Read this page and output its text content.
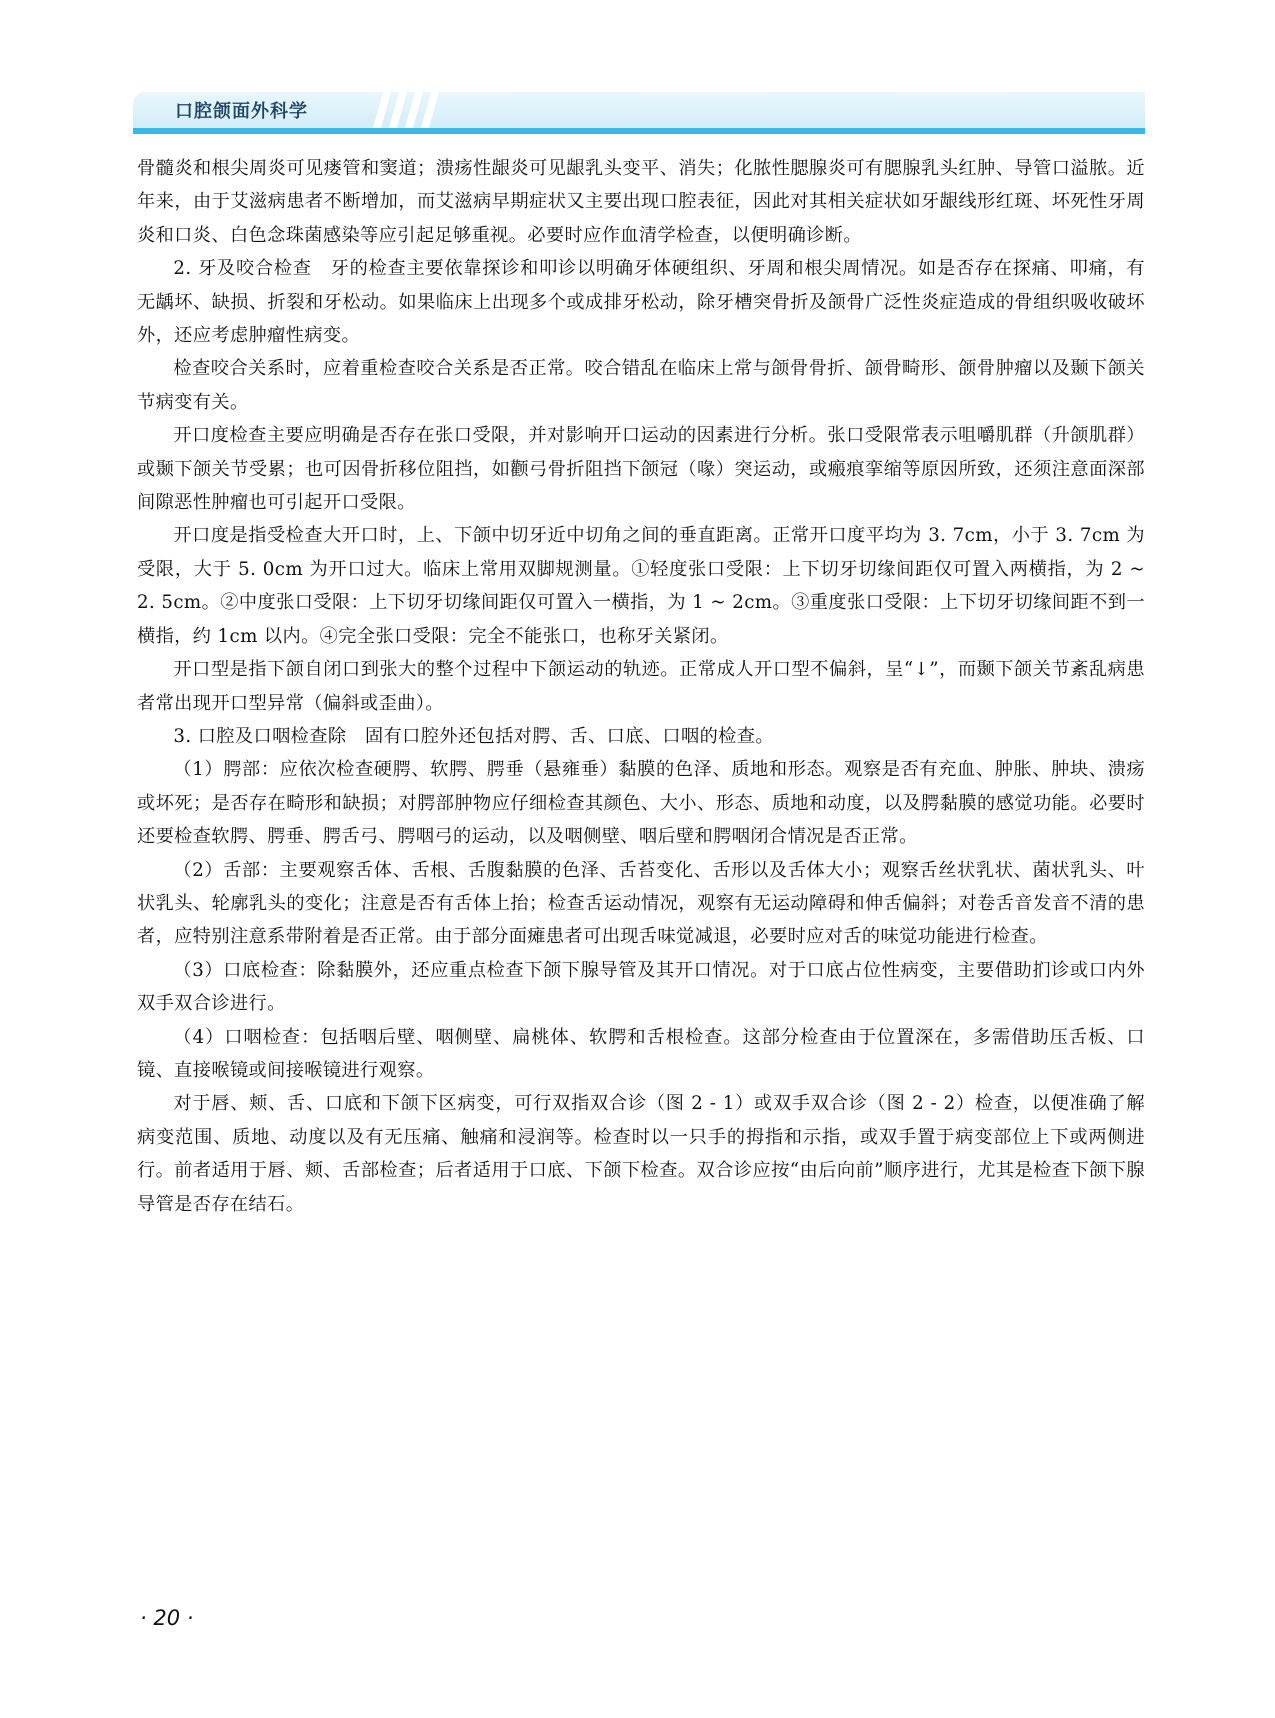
口腔颌面外科学

骨髓炎和根尖周炎可见瘘管和窦道；溃疡性龈炎可见龈乳头变平、消失；化脓性腮腺炎可有腮腺乳头红肿、导管口溢脓。近年来，由于艾滋病患者不断增加，而艾滋病早期症状又主要出现口腔表征，因此对其相关症状如牙龈线形红斑、坏死性牙周炎和口炎、白色念珠菌感染等应引起足够重视。必要时应作血清学检查，以便明确诊断。

2. 牙及咬合检查　牙的检查主要依靠探诊和叩诊以明确牙体硬组织、牙周和根尖周情况。如是否存在探痛、叩痛，有无龋坏、缺损、折裂和牙松动。如果临床上出现多个或成排牙松动，除牙槽突骨折及颌骨广泛性炎症造成的骨组织吸收破坏外，还应考虑肿瘤性病变。

检查咬合关系时，应着重检查咬合关系是否正常。咬合错乱在临床上常与颌骨骨折、颌骨畸形、颌骨肿瘤以及颞下颌关节病变有关。

开口度检查主要应明确是否存在张口受限，并对影响开口运动的因素进行分析。张口受限常表示咀嚼肌群（升颌肌群）或颞下颌关节受累；也可因骨折移位阻挡，如颧弓骨折阻挡下颌冠（喙）突运动，或瘢痕挛缩等原因所致，还须注意面深部间隙恶性肿瘤也可引起开口受限。

开口度是指受检查大开口时，上、下颌中切牙近中切角之间的垂直距离。正常开口度平均为 3. 7cm，小于 3. 7cm 为受限，大于 5. 0cm 为开口过大。临床上常用双脚规测量。①轻度张口受限：上下切牙切缘间距仅可置入两横指，为 2 ~ 2. 5cm。②中度张口受限：上下切牙切缘间距仅可置入一横指，为 1 ~ 2cm。③重度张口受限：上下切牙切缘间距不到一横指，约 1cm 以内。④完全张口受限：完全不能张口，也称牙关紧闭。

开口型是指下颌自闭口到张大的整个过程中下颌运动的轨迹。正常成人开口型不偏斜，呈“↓”，而颞下颌关节紊乱病患者常出现开口型异常（偏斜或歪曲）。

3. 口腔及口咽检查除　固有口腔外还包括对腭、舌、口底、口咽的检查。

（1）腭部：应依次检查硬腭、软腭、腭垂（悬雍垂）黏膜的色泽、质地和形态。观察是否有充血、肿胀、肿块、溃疡或坏死；是否存在畸形和缺损；对腭部肿物应仔细检查其颜色、大小、形态、质地和动度，以及腭黏膜的感觉功能。必要时还要检查软腭、腭垂、腭舌弓、腭咽弓的运动，以及咽侧壁、咽后壁和腭咽闭合情况是否正常。

（2）舌部：主要观察舌体、舌根、舌腹黏膜的色泽、舌苔变化、舌形以及舌体大小；观察舌丝状乳状、菌状乳头、叶状乳头、轮廓乳头的变化；注意是否有舌体上抬；检查舌运动情况，观察有无运动障碍和伸舌偏斜；对卷舌音发音不清的患者，应特别注意系带附着是否正常。由于部分面瘫患者可出现舌味觉减退，必要时应对舌的味觉功能进行检查。

（3）口底检查：除黏膜外，还应重点检查下颌下腺导管及其开口情况。对于口底占位性病变，主要借助扪诊或口内外双手双合诊进行。

（4）口咽检查：包括咽后壁、咽侧壁、扁桃体、软腭和舌根检查。这部分检查由于位置深在，多需借助压舌板、口镜、直接喉镜或间接喉镜进行观察。

对于唇、颊、舌、口底和下颌下区病变，可行双指双合诊（图 2 - 1）或双手双合诊（图 2 - 2）检查，以便准确了解病变范围、质地、动度以及有无压痛、触痛和浸润等。检查时以一只手的拇指和示指，或双手置于病变部位上下或两侧进行。前者适用于唇、颊、舌部检查；后者适用于口底、下颌下检查。双合诊应按“由后向前”顺序进行，尤其是检查下颌下腺导管是否存在结石。

· 20 ·
